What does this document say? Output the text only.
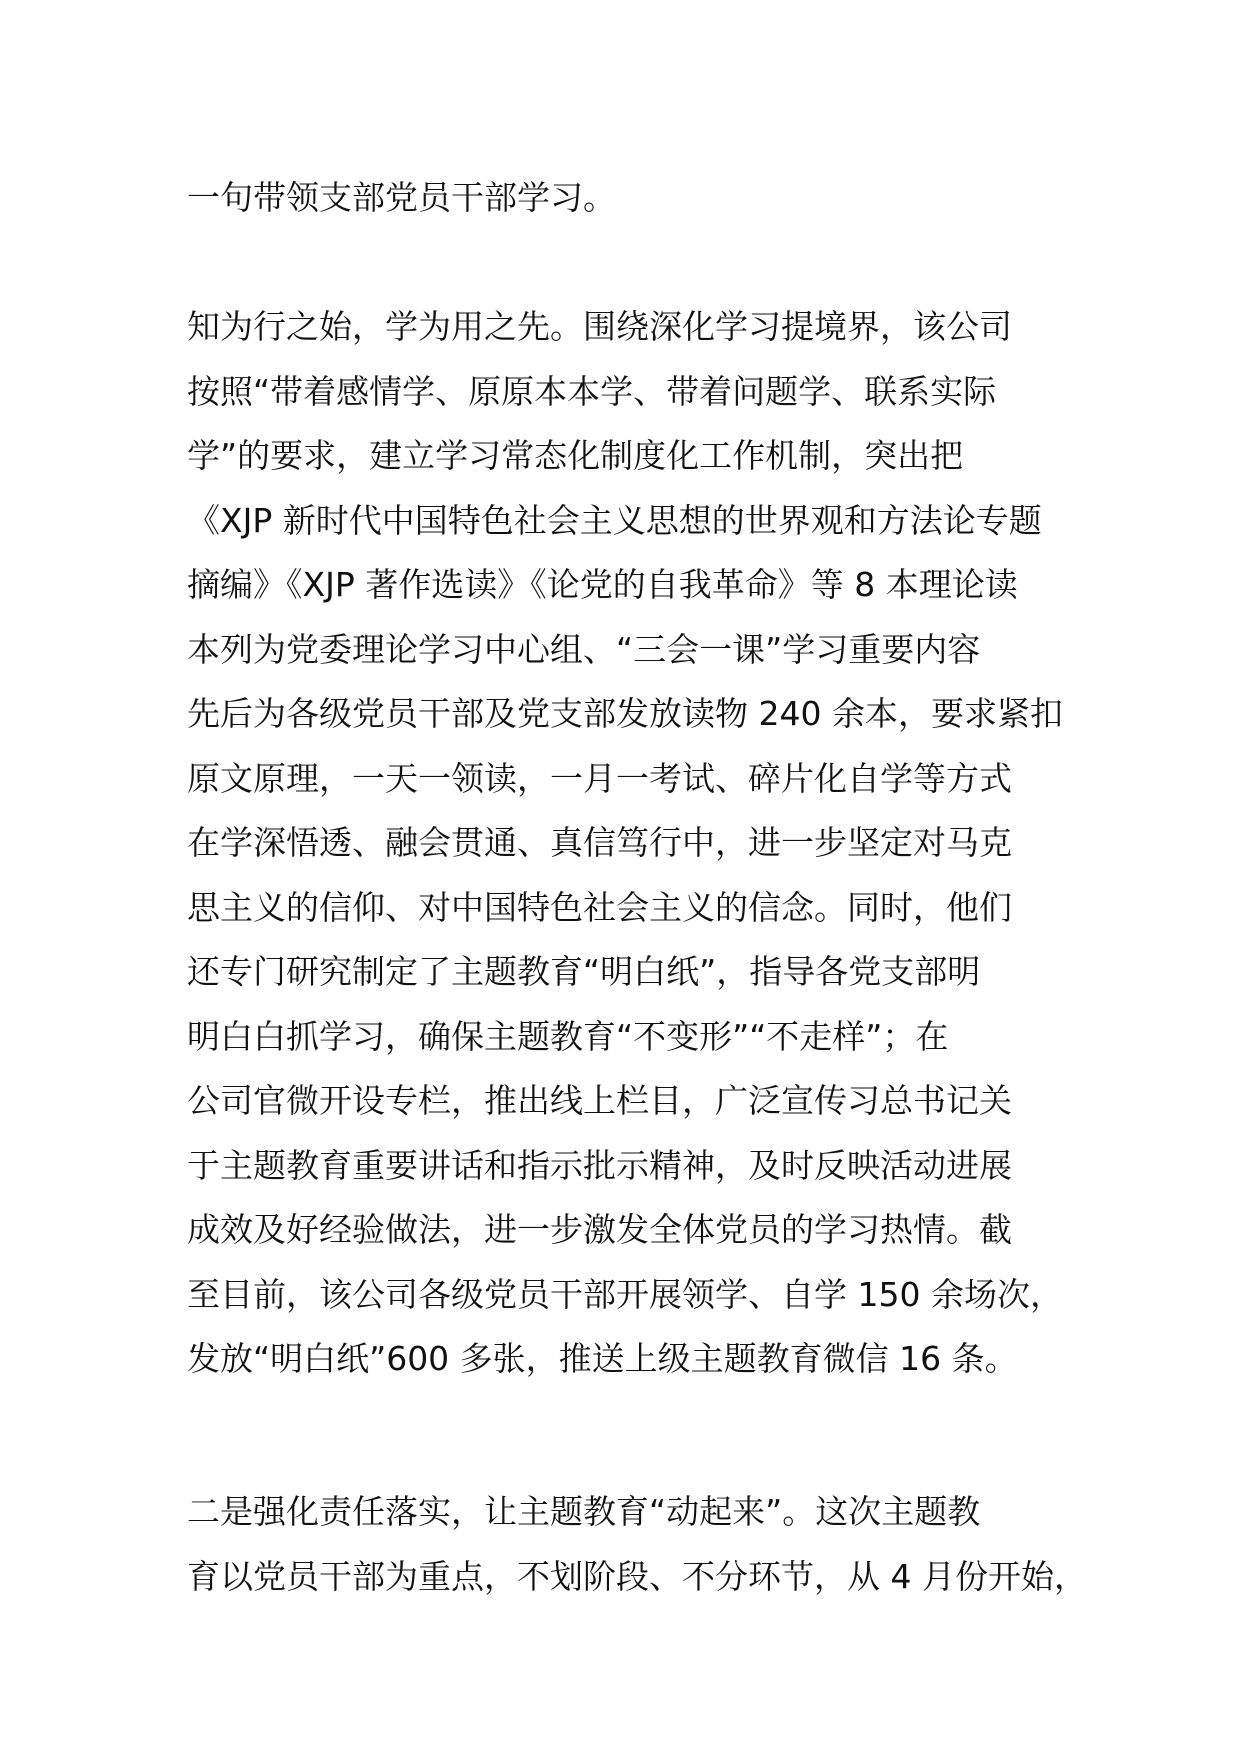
一句带领支部党员干部学习。
知为行之始，学为用之先。围绕深化学习提境界，该公司
按照“带着感情学、原原本本学、带着问题学、联系实际
学”的要求，建立学习常态化制度化工作机制，突出把
《XJP 新时代中国特色社会主义思想的世界观和方法论专题
摘编》《XJP 著作选读》《论党的自我革命》等 8 本理论读
本列为党委理论学习中心组、“三会一课”学习重要内容
先后为各级党员干部及党支部发放读物 240 余本，要求紧扣
原文原理，一天一领读，一月一考试、碎片化自学等方式
在学深悟透、融会贯通、真信笃行中，进一步坚定对马克
思主义的信仰、对中国特色社会主义的信念。同时，他们
还专门研究制定了主题教育“明白纸”，指导各党支部明
明白白抓学习，确保主题教育“不变形”“不走样”；在
公司官微开设专栏，推出线上栏目，广泛宣传习总书记关
于主题教育重要讲话和指示批示精神，及时反映活动进展
成效及好经验做法，进一步激发全体党员的学习热情。截
至目前，该公司各级党员干部开展领学、自学 150 余场次，
发放“明白纸”600 多张，推送上级主题教育微信 16 条。
二是强化责任落实，让主题教育“动起来”。这次主题教
育以党员干部为重点，不划阶段、不分环节，从 4 月份开始，
